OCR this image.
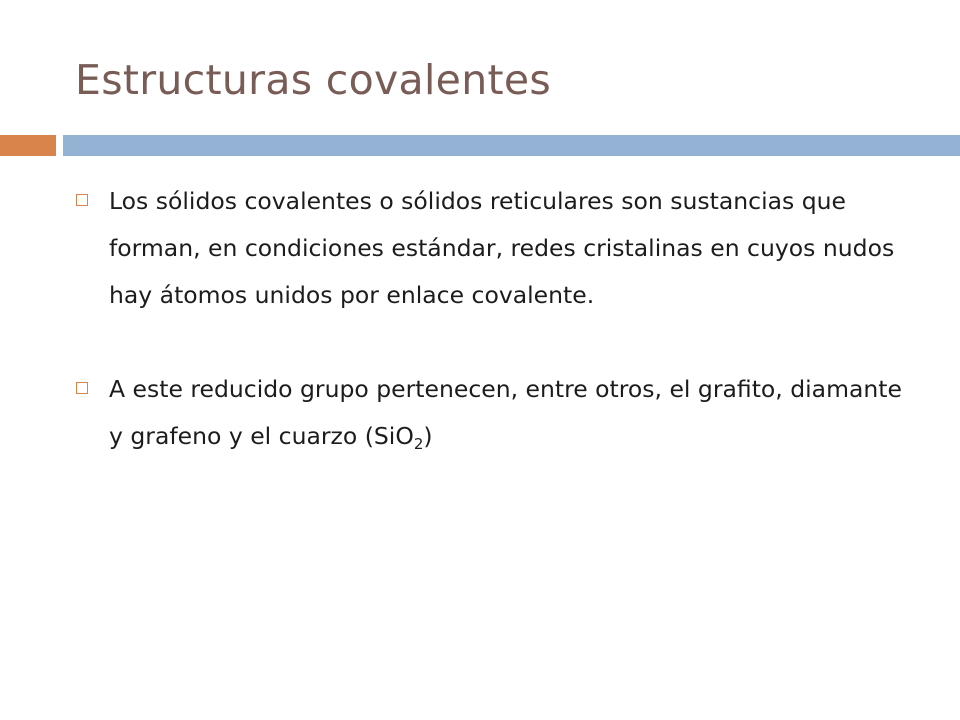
Estructuras covalentes
Los sólidos covalentes o sólidos reticulares son sustancias que forman, en condiciones estándar, redes cristalinas en cuyos nudos hay átomos unidos por enlace covalente.
A este reducido grupo pertenecen, entre otros, el grafito, diamante y grafeno y el cuarzo (SiO$_2$)
